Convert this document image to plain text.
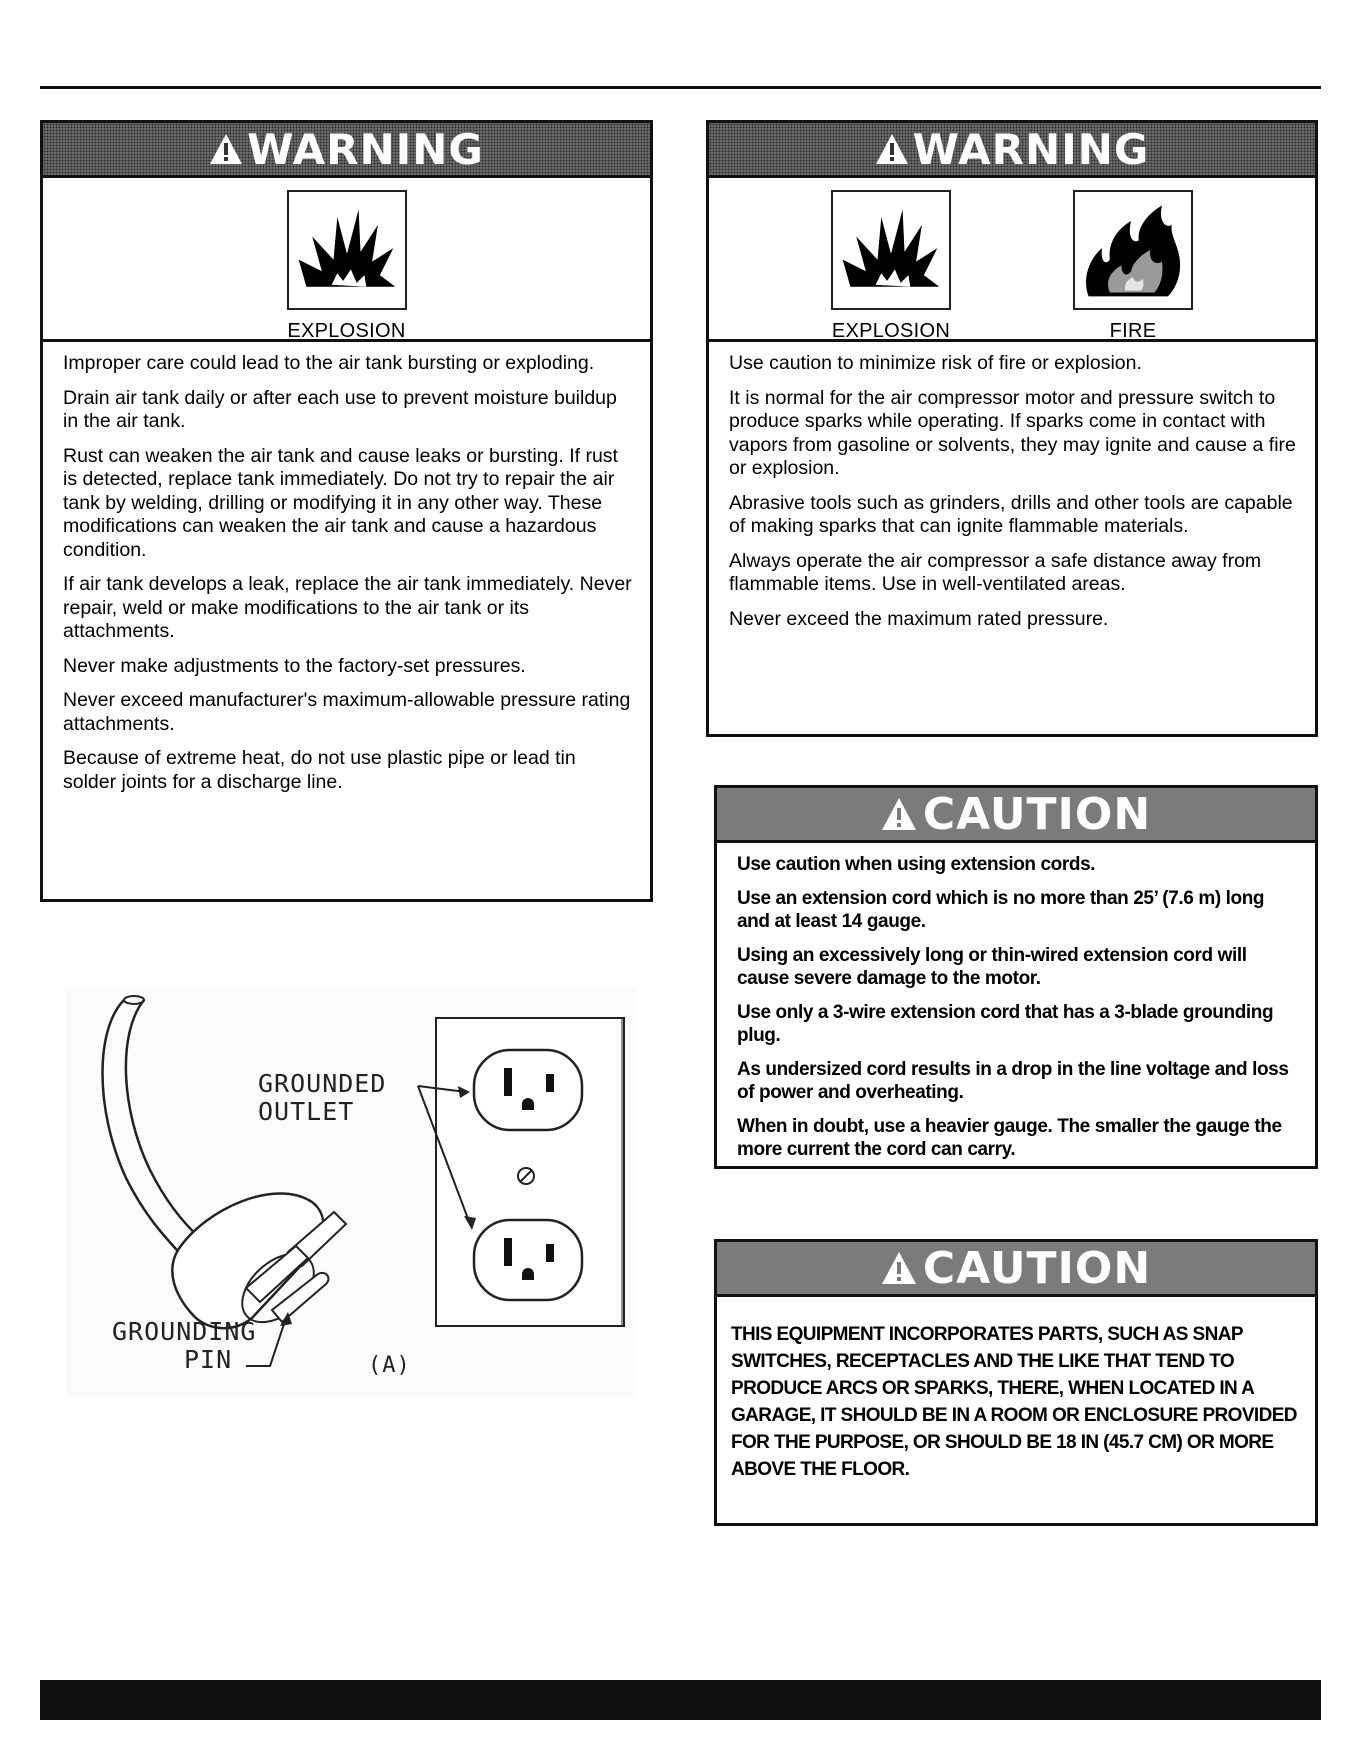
WARNING
EXPLOSION

Improper care could lead to the air tank bursting or exploding.

Drain air tank daily or after each use to prevent moisture buildup in the air tank.

Rust can weaken the air tank and cause leaks or bursting. If rust is detected, replace tank immediately. Do not try to repair the air tank by welding, drilling or modifying it in any other way. These modifications can weaken the air tank and cause a hazardous condition.

If air tank develops a leak, replace the air tank immediately. Never repair, weld or make modifications to the air tank or its attachments.

Never make adjustments to the factory-set pressures.

Never exceed manufacturer's maximum-allowable pressure rating attachments.

Because of extreme heat, do not use plastic pipe or lead tin solder joints for a discharge line.

WARNING
EXPLOSION	FIRE

Use caution to minimize risk of fire or explosion.

It is normal for the air compressor motor and pressure switch to produce sparks while operating. If sparks come in contact with vapors from gasoline or solvents, they may ignite and cause a fire or explosion.

Abrasive tools such as grinders, drills and other tools are capable of making sparks that can ignite flammable materials.

Always operate the air compressor a safe distance away from flammable items. Use in well-ventilated areas.

Never exceed the maximum rated pressure.

CAUTION

Use caution when using extension cords.

Use an extension cord which is no more than 25’ (7.6 m) long and at least 14 gauge.

Using an excessively long or thin-wired extension cord will cause severe damage to the motor.

Use only a 3-wire extension cord that has a 3-blade grounding plug.

As undersized cord results in a drop in the line voltage and loss of power and overheating.

When in doubt, use a heavier gauge. The smaller the gauge the more current the cord can carry.

CAUTION
THIS EQUIPMENT INCORPORATES PARTS, SUCH AS SNAP SWITCHES, RECEPTACLES AND THE LIKE THAT TEND TO PRODUCE ARCS OR SPARKS, THERE, WHEN LOCATED IN A GARAGE, IT SHOULD BE IN A ROOM OR ENCLOSURE PROVIDED FOR THE PURPOSE, OR SHOULD BE 18 IN (45.7 CM) OR MORE ABOVE THE FLOOR.
GROUNDED
OUTLET
GROUNDING
PIN	(A)
